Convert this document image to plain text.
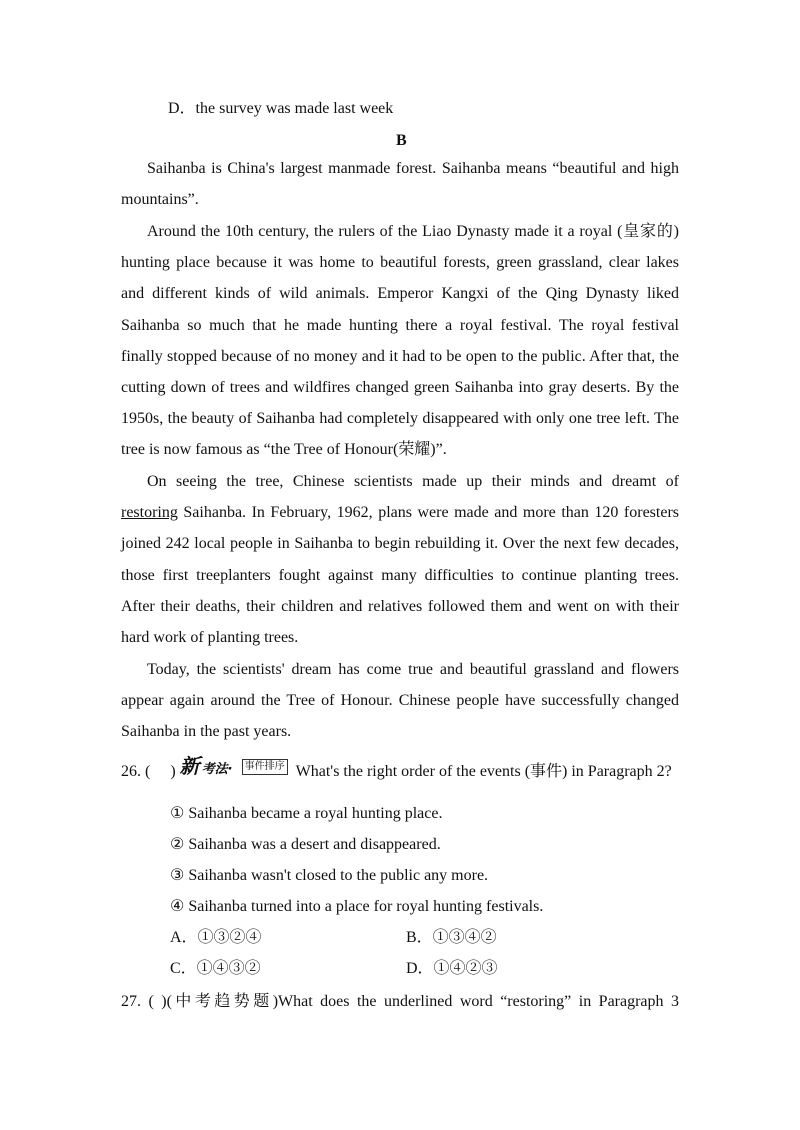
D．the survey was made last week
B
Saihanba is China's largest manmade forest. Saihanba means “beautiful and high
mountains”.
Around the 10th century, the rulers of the Liao Dynasty made it a royal (皇家的)
hunting place because it was home to beautiful forests, green grassland, clear lakes
and different kinds of wild animals. Emperor Kangxi of the Qing Dynasty liked
Saihanba so much that he made hunting there a royal festival. The royal festival
finally stopped because of no money and it had to be open to the public. After that, the
cutting down of trees and wildfires changed green Saihanba into gray deserts. By the
1950s, the beauty of Saihanba had completely disappeared with only one tree left. The
tree is now famous as “the Tree of Honour(荣耀)”.
On seeing the tree, Chinese scientists made up their minds and dreamt of
restoring Saihanba. In February, 1962, plans were made and more than 120 foresters
joined 242 local people in Saihanba to begin rebuilding it. Over the next few decades,
those first treeplanters fought against many difficulties to continue planting trees.
After their deaths, their children and relatives followed them and went on with their
hard work of planting trees.
Today, the scientists' dream has come true and beautiful grassland and flowers
appear again around the Tree of Honour. Chinese people have successfully changed
Saihanba in the past years.
26. ( ) 新 考法·	事件排序 What's the right order of the events (事件) in Paragraph 2?
① Saihanba became a royal hunting place.
② Saihanba was a desert and disappeared.
③ Saihanba wasn't closed to the public any more.
④ Saihanba turned into a place for royal hunting festivals.
A．①③②④	B．①③④②
C．①④③②	D．①④②③
27. ( )(中考趋势题)What does the underlined word “restoring” in Paragraph 3
